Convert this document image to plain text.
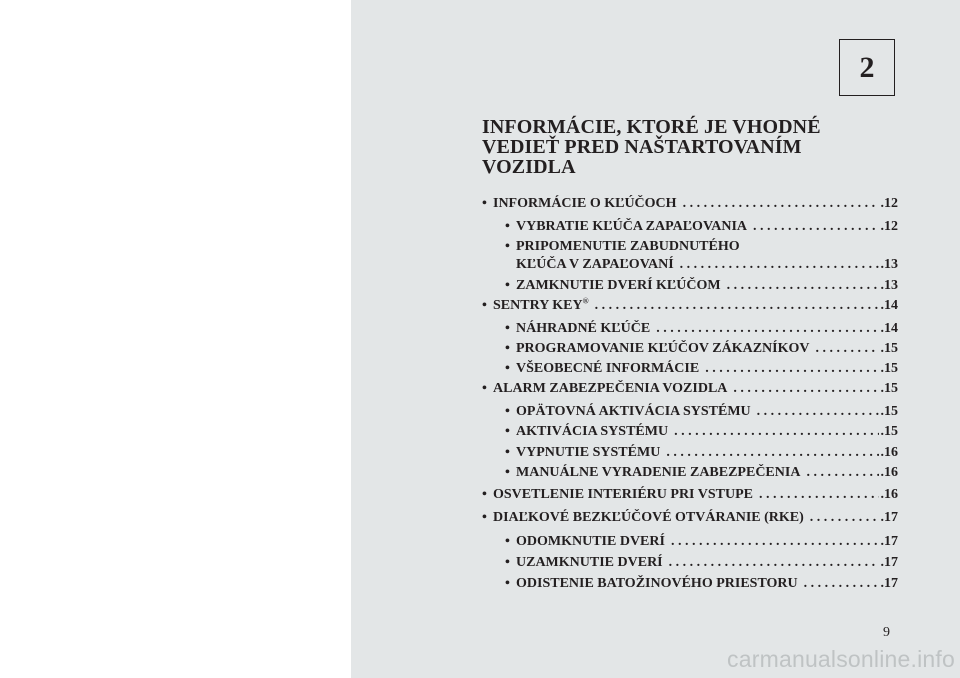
2
INFORMÁCIE, KTORÉ JE VHODNÉ
VEDIEŤ PRED NAŠTARTOVANÍM
VOZIDLA
• INFORMÁCIE O KĽÚČOCH . . .	.12
• VYBRATIE KĽÚČA ZAPAĽOVANIA . . .	.12
• PRIPOMENUTIE ZABUDNUTÉHO
KĽÚČA V ZAPAĽOVANÍ . . .	.13
• ZAMKNUTIE DVERÍ KĽÚČOM . . .	.13
• SENTRY KEY® . . .	.14
• NÁHRADNÉ KĽÚČE . . .	.14
• PROGRAMOVANIE KĽÚČOV ZÁKAZNÍKOV . . .	.15
• VŠEOBECNÉ INFORMÁCIE . . .	.15
• ALARM ZABEZPEČENIA VOZIDLA . . .	.15
• OPÄTOVNÁ AKTIVÁCIA SYSTÉMU . . .	.15
• AKTIVÁCIA SYSTÉMU . . .	.15
• VYPNUTIE SYSTÉMU . . .	.16
• MANUÁLNE VYRADENIE ZABEZPEČENIA . . .	.16
• OSVETLENIE INTERIÉRU PRI VSTUPE . . .	.16
• DIAĽKOVÉ BEZKĽÚČOVÉ OTVÁRANIE (RKE) . . .	.17
• ODOMKNUTIE DVERÍ . . .	.17
• UZAMKNUTIE DVERÍ . . .	.17
• ODISTENIE BATOŽINOVÉHO PRIESTORU . . .	.17
9
carmanualsonline.info
